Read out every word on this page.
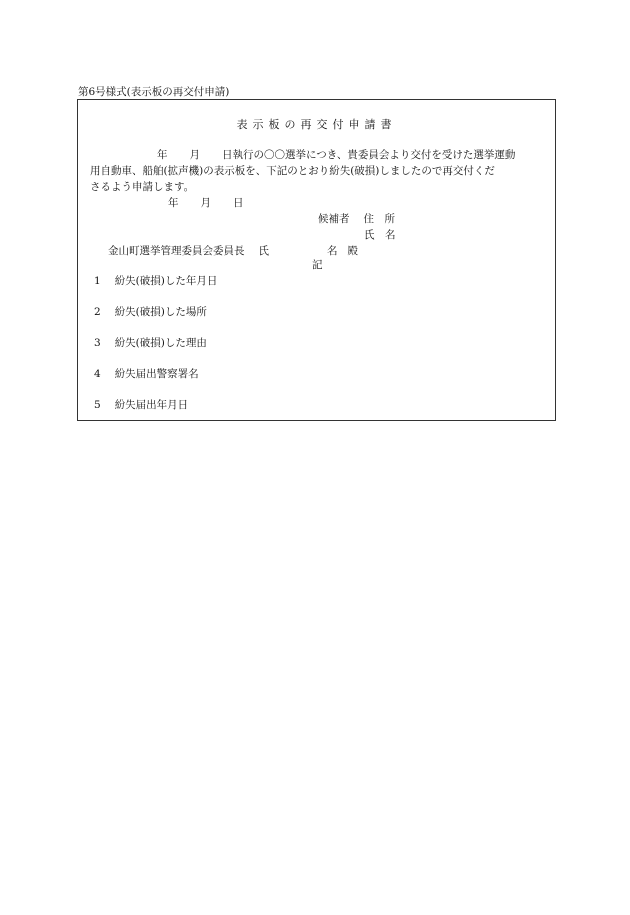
第6号様式(表示板の再交付申請)
表示板の再交付申請書
年 月 日執行の〇〇選挙につき、貴委員会より交付を受けた選挙運動
用自動車、船舶(拡声機)の表示板を、下記のとおり紛失(破損)しましたので再交付くだ
さるよう申請します。
年 月 日
候補者 住　所
氏　名
金山町選挙管理委員会委員長 氏	名 殿
記
1 紛失(破損)した年月日
2 紛失(破損)した場所
3 紛失(破損)した理由
4 紛失届出警察署名
5 紛失届出年月日
